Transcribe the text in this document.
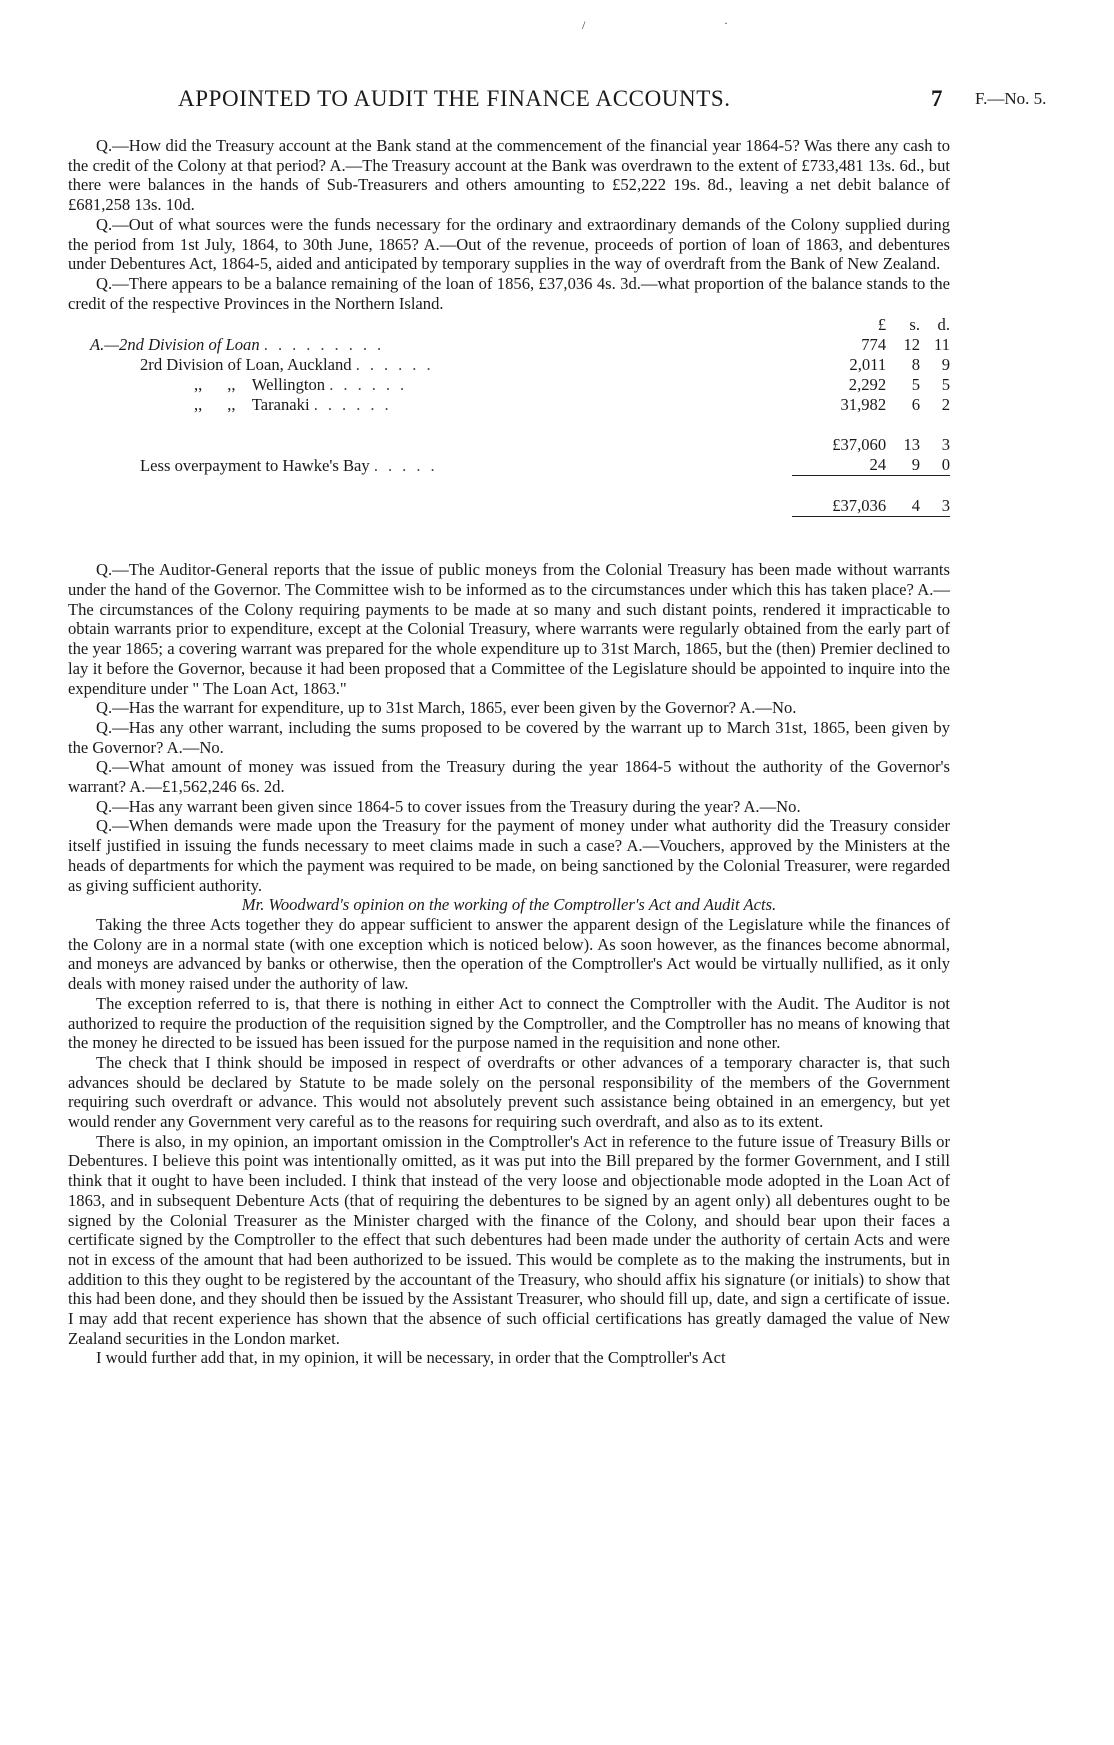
/	·
APPOINTED TO AUDIT THE FINANCE ACCOUNTS.	7 F.—No. 5.

Q.—How did the Treasury account at the Bank stand at the commencement of the financial year 1864-5? Was there any cash to the credit of the Colony at that period? A.—The Treasury account at the Bank was overdrawn to the extent of £733,481 13s. 6d., but there were balances in the hands of Sub-Treasurers and others amounting to £52,222 19s. 8d., leaving a net debit balance of £681,258 13s. 10d.

Q.—Out of what sources were the funds necessary for the ordinary and extraordinary demands of the Colony supplied during the period from 1st July, 1864, to 30th June, 1865? A.—Out of the revenue, proceeds of portion of loan of 1863, and debentures under Debentures Act, 1864-5, aided and anticipated by temporary supplies in the way of overdraft from the Bank of New Zealand.

Q.—There appears to be a balance remaining of the loan of 1856, £37,036 4s. 3d.—what proportion of the balance stands to the credit of the respective Provinces in the Northern Island.

	£	s.	d.
A.—2nd Division of Loan .........	774	12	11
2rd Division of Loan, Auckland ......	2,011	8	9
,,      ,,    Wellington ......	2,292	5	5
,,      ,,    Taranaki ......	31,982	6	2

	£37,060	13	3
Less overpayment to Hawke's Bay .....	24	9	0

	£37,036	4	3

Q.—The Auditor-General reports that the issue of public moneys from the Colonial Treasury has been made without warrants under the hand of the Governor. The Committee wish to be informed as to the circumstances under which this has taken place? A.—The circumstances of the Colony requiring payments to be made at so many and such distant points, rendered it impracticable to obtain warrants prior to expenditure, except at the Colonial Treasury, where warrants were regularly obtained from the early part of the year 1865; a covering warrant was prepared for the whole expenditure up to 31st March, 1865, but the (then) Premier declined to lay it before the Governor, because it had been proposed that a Committee of the Legislature should be appointed to inquire into the expenditure under " The Loan Act, 1863."

Q.—Has the warrant for expenditure, up to 31st March, 1865, ever been given by the Governor? A.—No.

Q.—Has any other warrant, including the sums proposed to be covered by the warrant up to March 31st, 1865, been given by the Governor? A.—No.

Q.—What amount of money was issued from the Treasury during the year 1864-5 without the authority of the Governor's warrant? A.—£1,562,246 6s. 2d.

Q.—Has any warrant been given since 1864-5 to cover issues from the Treasury during the year? A.—No.

Q.—When demands were made upon the Treasury for the payment of money under what authority did the Treasury consider itself justified in issuing the funds necessary to meet claims made in such a case? A.—Vouchers, approved by the Ministers at the heads of departments for which the payment was required to be made, on being sanctioned by the Colonial Treasurer, were regarded as giving sufficient authority.

Mr. Woodward's opinion on the working of the Comptroller's Act and Audit Acts.

Taking the three Acts together they do appear sufficient to answer the apparent design of the Legislature while the finances of the Colony are in a normal state (with one exception which is noticed below). As soon however, as the finances become abnormal, and moneys are advanced by banks or otherwise, then the operation of the Comptroller's Act would be virtually nullified, as it only deals with money raised under the authority of law.

The exception referred to is, that there is nothing in either Act to connect the Comptroller with the Audit. The Auditor is not authorized to require the production of the requisition signed by the Comptroller, and the Comptroller has no means of knowing that the money he directed to be issued has been issued for the purpose named in the requisition and none other.

The check that I think should be imposed in respect of overdrafts or other advances of a temporary character is, that such advances should be declared by Statute to be made solely on the personal responsibility of the members of the Government requiring such overdraft or advance. This would not absolutely prevent such assistance being obtained in an emergency, but yet would render any Government very careful as to the reasons for requiring such overdraft, and also as to its extent.

There is also, in my opinion, an important omission in the Comptroller's Act in reference to the future issue of Treasury Bills or Debentures. I believe this point was intentionally omitted, as it was put into the Bill prepared by the former Government, and I still think that it ought to have been included. I think that instead of the very loose and objectionable mode adopted in the Loan Act of 1863, and in subsequent Debenture Acts (that of requiring the debentures to be signed by an agent only) all debentures ought to be signed by the Colonial Treasurer as the Minister charged with the finance of the Colony, and should bear upon their faces a certificate signed by the Comptroller to the effect that such debentures had been made under the authority of certain Acts and were not in excess of the amount that had been authorized to be issued. This would be complete as to the making the instruments, but in addition to this they ought to be registered by the accountant of the Treasury, who should affix his signature (or initials) to show that this had been done, and they should then be issued by the Assistant Treasurer, who should fill up, date, and sign a certificate of issue. I may add that recent experience has shown that the absence of such official certifications has greatly damaged the value of New Zealand securities in the London market.

I would further add that, in my opinion, it will be necessary, in order that the Comptroller's Act
